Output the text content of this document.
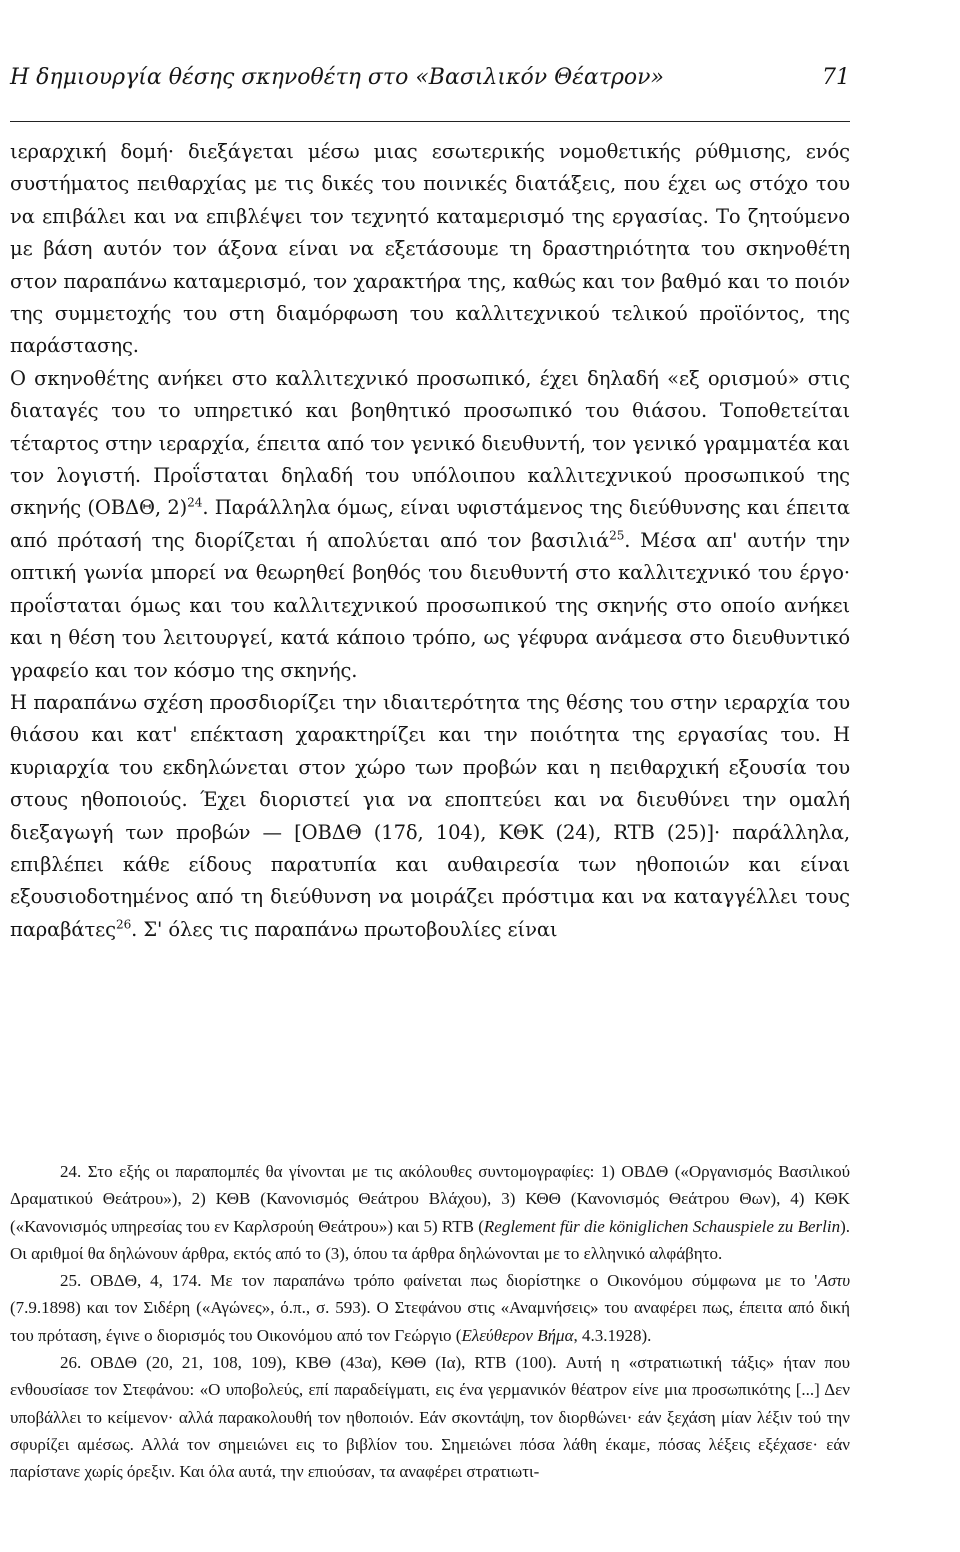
Η δημιουργία θέσης σκηνοθέτη στο «Βασιλικόν Θέατρον»	71

ιεραρχική δομή· διεξάγεται μέσω μιας εσωτερικής νομοθετικής ρύθμισης, ενός συστήματος πειθαρχίας με τις δικές του ποινικές διατάξεις, που έχει ως στόχο του να επιβάλει και να επιβλέψει τον τεχνητό καταμερισμό της εργασίας. Το ζητούμενο με βάση αυτόν τον άξονα είναι να εξετάσουμε τη δραστηριότητα του σκηνοθέτη στον παραπάνω καταμερισμό, τον χαρακτήρα της, καθώς και τον βαθμό και το ποιόν της συμμετοχής του στη διαμόρφωση του καλλιτεχνικού τελικού προϊόντος, της παράστασης.

Ο σκηνοθέτης ανήκει στο καλλιτεχνικό προσωπικό, έχει δηλαδή «εξ ορισμού» στις διαταγές του το υπηρετικό και βοηθητικό προσωπικό του θιάσου. Τοποθετείται τέταρτος στην ιεραρχία, έπειτα από τον γενικό διευθυντή, τον γενικό γραμματέα και τον λογιστή. Προΐσταται δηλαδή του υπόλοιπου καλλιτεχνικού προσωπικού της σκηνής (ΟΒΔΘ, 2)$^{24}$. Παράλληλα όμως, είναι υφιστάμενος της διεύθυνσης και έπειτα από πρότασή της διορίζεται ή απολύεται από τον βασιλιά$^{25}$. Μέσα απ' αυτήν την οπτική γωνία μπορεί να θεωρηθεί βοηθός του διευθυντή στο καλλιτεχνικό του έργο· προΐσταται όμως και του καλλιτεχνικού προσωπικού της σκηνής στο οποίο ανήκει και η θέση του λειτουργεί, κατά κάποιο τρόπο, ως γέφυρα ανάμεσα στο διευθυντικό γραφείο και τον κόσμο της σκηνής.

Η παραπάνω σχέση προσδιορίζει την ιδιαιτερότητα της θέσης του στην ιεραρχία του θιάσου και κατ' επέκταση χαρακτηρίζει και την ποιότητα της εργασίας του. Η κυριαρχία του εκδηλώνεται στον χώρο των προβών και η πειθαρχική εξουσία του στους ηθοποιούς. Έχει διοριστεί για να εποπτεύει και να διευθύνει την ομαλή διεξαγωγή των προβών — [ΟΒΔΘ (17δ, 104), ΚΘΚ (24), RTB (25)]· παράλληλα, επιβλέπει κάθε είδους παρατυπία και αυθαιρεσία των ηθοποιών και είναι εξουσιοδοτημένος από τη διεύθυνση να μοιράζει πρόστιμα και να καταγγέλλει τους παραβάτες$^{26}$. Σ' όλες τις παραπάνω πρωτοβουλίες είναι

24. Στο εξής οι παραπομπές θα γίνονται με τις ακόλουθες συντομογραφίες: 1) ΟΒΔΘ («Οργανισμός Βασιλικού Δραματικού Θεάτρου»), 2) ΚΘΒ (Κανονισμός Θεάτρου Βλάχου), 3) ΚΘΘ (Κανονισμός Θεάτρου Θων), 4) ΚΘΚ («Κανονισμός υπηρεσίας του εν Καρλσρούη Θεάτρου») και 5) RTB (Reglement für die königlichen Schauspiele zu Berlin). Οι αριθμοί θα δηλώνουν άρθρα, εκτός από το (3), όπου τα άρθρα δηλώνονται με το ελληνικό αλφάβητο.

25. ΟΒΔΘ, 4, 174. Με τον παραπάνω τρόπο φαίνεται πως διορίστηκε ο Οικονόμου σύμφωνα με το 'Αστυ (7.9.1898) και τον Σιδέρη («Αγώνες», ό.π., σ. 593). Ο Στεφάνου στις «Αναμνήσεις» του αναφέρει πως, έπειτα από δική του πρόταση, έγινε ο διορισμός του Οικονόμου από τον Γεώργιο (Ελεύθερον Βήμα, 4.3.1928).

26. ΟΒΔΘ (20, 21, 108, 109), ΚΒΘ (43α), ΚΘΘ (Ια), RTB (100). Αυτή η «στρατιωτική τάξις» ήταν που ενθουσίασε τον Στεφάνου: «Ο υποβολεύς, επί παραδείγματι, εις ένα γερμανικόν θέατρον είνε μια προσωπικότης [...] Δεν υποβάλλει το κείμενον· αλλά παρακολουθή τον ηθοποιόν. Εάν σκοντάψη, τον διορθώνει· εάν ξεχάση μίαν λέξιν τού την σφυρίζει αμέσως. Αλλά τον σημειώνει εις το βιβλίον του. Σημειώνει πόσα λάθη έκαμε, πόσας λέξεις εξέχασε· εάν παρίστανε χωρίς όρεξιν. Και όλα αυτά, την επιούσαν, τα αναφέρει στρατιωτι-
